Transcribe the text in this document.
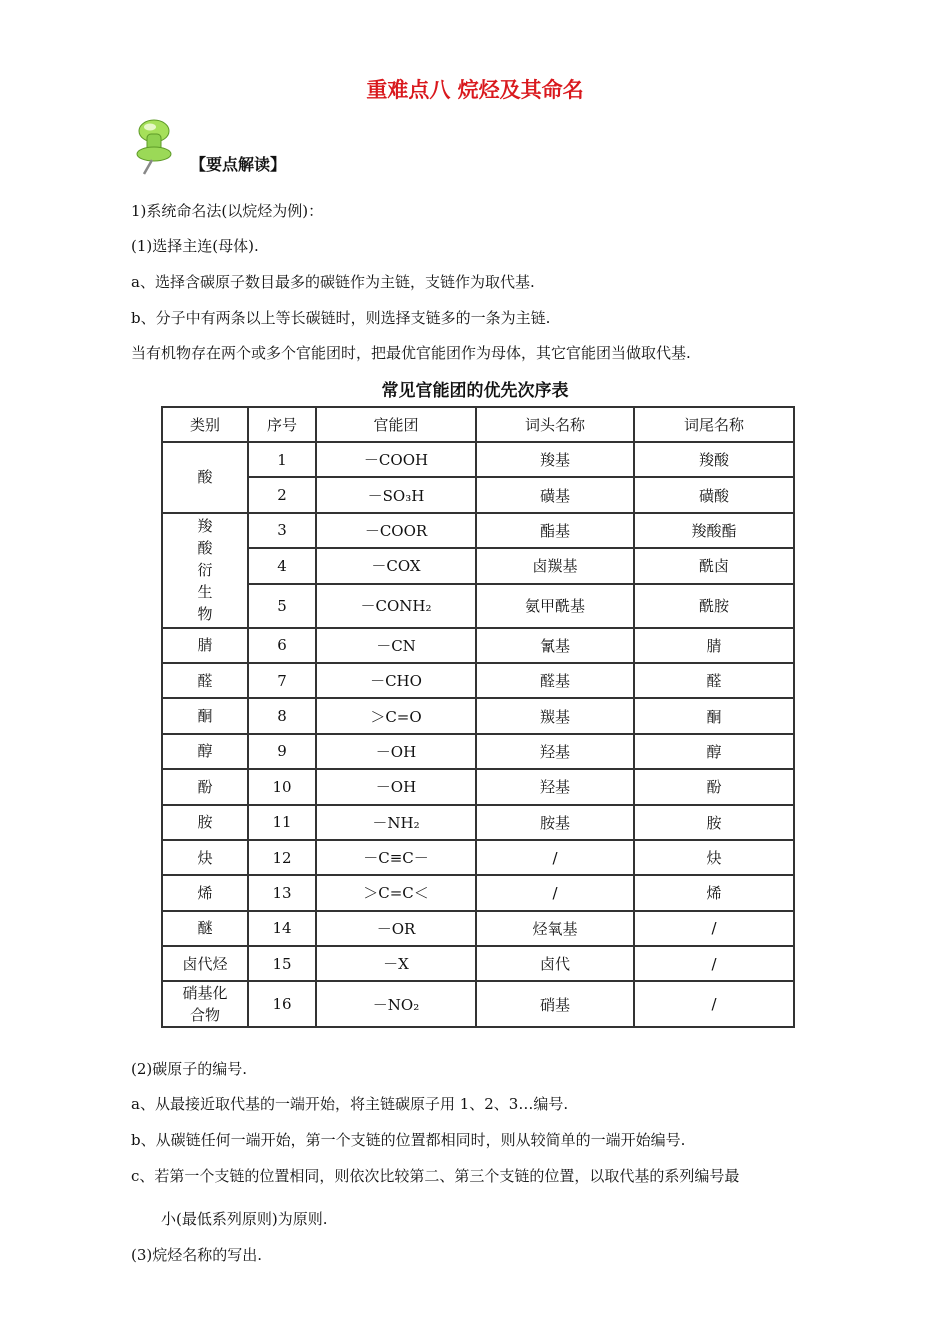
重难点八 烷烃及其命名
【要点解读】
1)系统命名法(以烷烃为例)：
(1)选择主连(母体).
a、选择含碳原子数目最多的碳链作为主链，支链作为取代基.
b、分子中有两条以上等长碳链时，则选择支链多的一条为主链.
当有机物存在两个或多个官能团时，把最优官能团作为母体，其它官能团当做取代基.
常见官能团的优先次序表
类别	序号	官能团	词头名称	词尾名称
酸	1	－COOH	羧基	羧酸
	2	－SO₃H	磺基	磺酸

羧酸衍生物	3	－COOR	酯基	羧酸酯
	4	－COX	卤羰基	酰卤
	5	－CONH₂	氨甲酰基	酰胺
腈	6	－CN	氰基	腈
醛	7	－CHO	醛基	醛
酮	8	＞C=O	羰基	酮
醇	9	－OH	羟基	醇
酚	10	－OH	羟基	酚
胺	11	－NH₂	胺基	胺
炔	12	－C≡C－	/	炔
烯	13	＞C=C＜	/	烯
醚	14	－OR	烃氧基	/
卤代烃	15	－X	卤代	/

硝基化合物	16	－NO₂	硝基	/
(2)碳原子的编号.
a、从最接近取代基的一端开始，将主链碳原子用 1、2、3…编号.
b、从碳链任何一端开始，第一个支链的位置都相同时，则从较简单的一端开始编号.
c、若第一个支链的位置相同，则依次比较第二、第三个支链的位置，以取代基的系列编号最
小(最低系列原则)为原则.
(3)烷烃名称的写出.
